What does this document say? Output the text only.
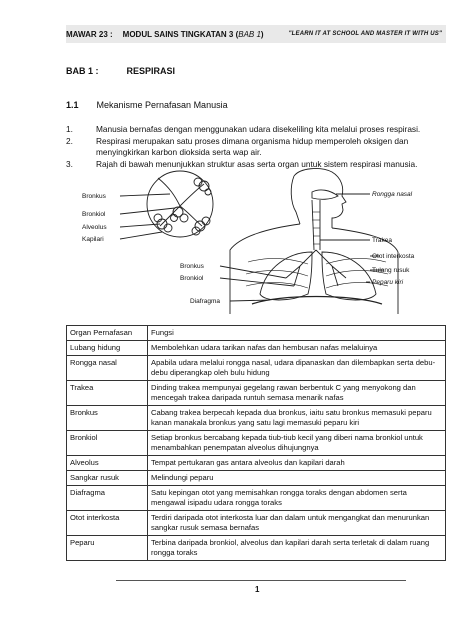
MAWAR 23 : MODUL SAINS TINGKATAN 3 (BAB 1)	"LEARN IT AT SCHOOL AND MASTER IT WITH US"
BAB 1 :	RESPIRASI
1.1 Mekanisme Pernafasan Manusia
1.	Manusia bernafas dengan menggunakan udara disekeliling kita melalui proses respirasi.
2.	Respirasi merupakan satu proses dimana organisma hidup memperoleh oksigen dan menyingkirkan karbon dioksida serta wap air.
3.	Rajah di bawah menunjukkan struktur asas serta organ untuk sistem respirasi manusia.
Bronkus
Bronkiol
Alveolus
Kapilari
Bronkus
Bronkiol
Diafragma
Rongga nasal
Trakea
Otot interkosta
Tulang rusuk
Peparu kiri
Organ Pernafasan	Fungsi
Lubang hidung	Membolehkan udara tarikan nafas dan hembusan nafas melaluinya
Rongga nasal	Apabila udara melalui rongga nasal, udara dipanaskan dan dilembapkan serta debu-debu diperangkap oleh bulu hidung
Trakea	Dinding trakea mempunyai gegelang rawan berbentuk C yang menyokong dan mencegah trakea daripada runtuh semasa menarik nafas
Bronkus	Cabang trakea berpecah kepada dua bronkus, iaitu satu bronkus memasuki peparu kanan manakala bronkus yang satu lagi memasuki peparu kiri
Bronkiol	Setiap bronkus bercabang kepada tiub-tiub kecil yang diberi nama bronkiol untuk menambahkan penempatan alveolus dihujungnya
Alveolus	Tempat pertukaran gas antara alveolus dan kapilari darah
Sangkar rusuk	Melindungi peparu
Diafragma	Satu kepingan otot yang memisahkan rongga toraks dengan abdomen serta mengawal isipadu udara rongga toraks
Otot interkosta	Terdiri daripada otot interkosta luar dan dalam untuk mengangkat dan menurunkan sangkar rusuk semasa bernafas
Peparu	Terbina daripada bronkiol, alveolus dan kapilari darah serta terletak di dalam ruang rongga toraks
1
